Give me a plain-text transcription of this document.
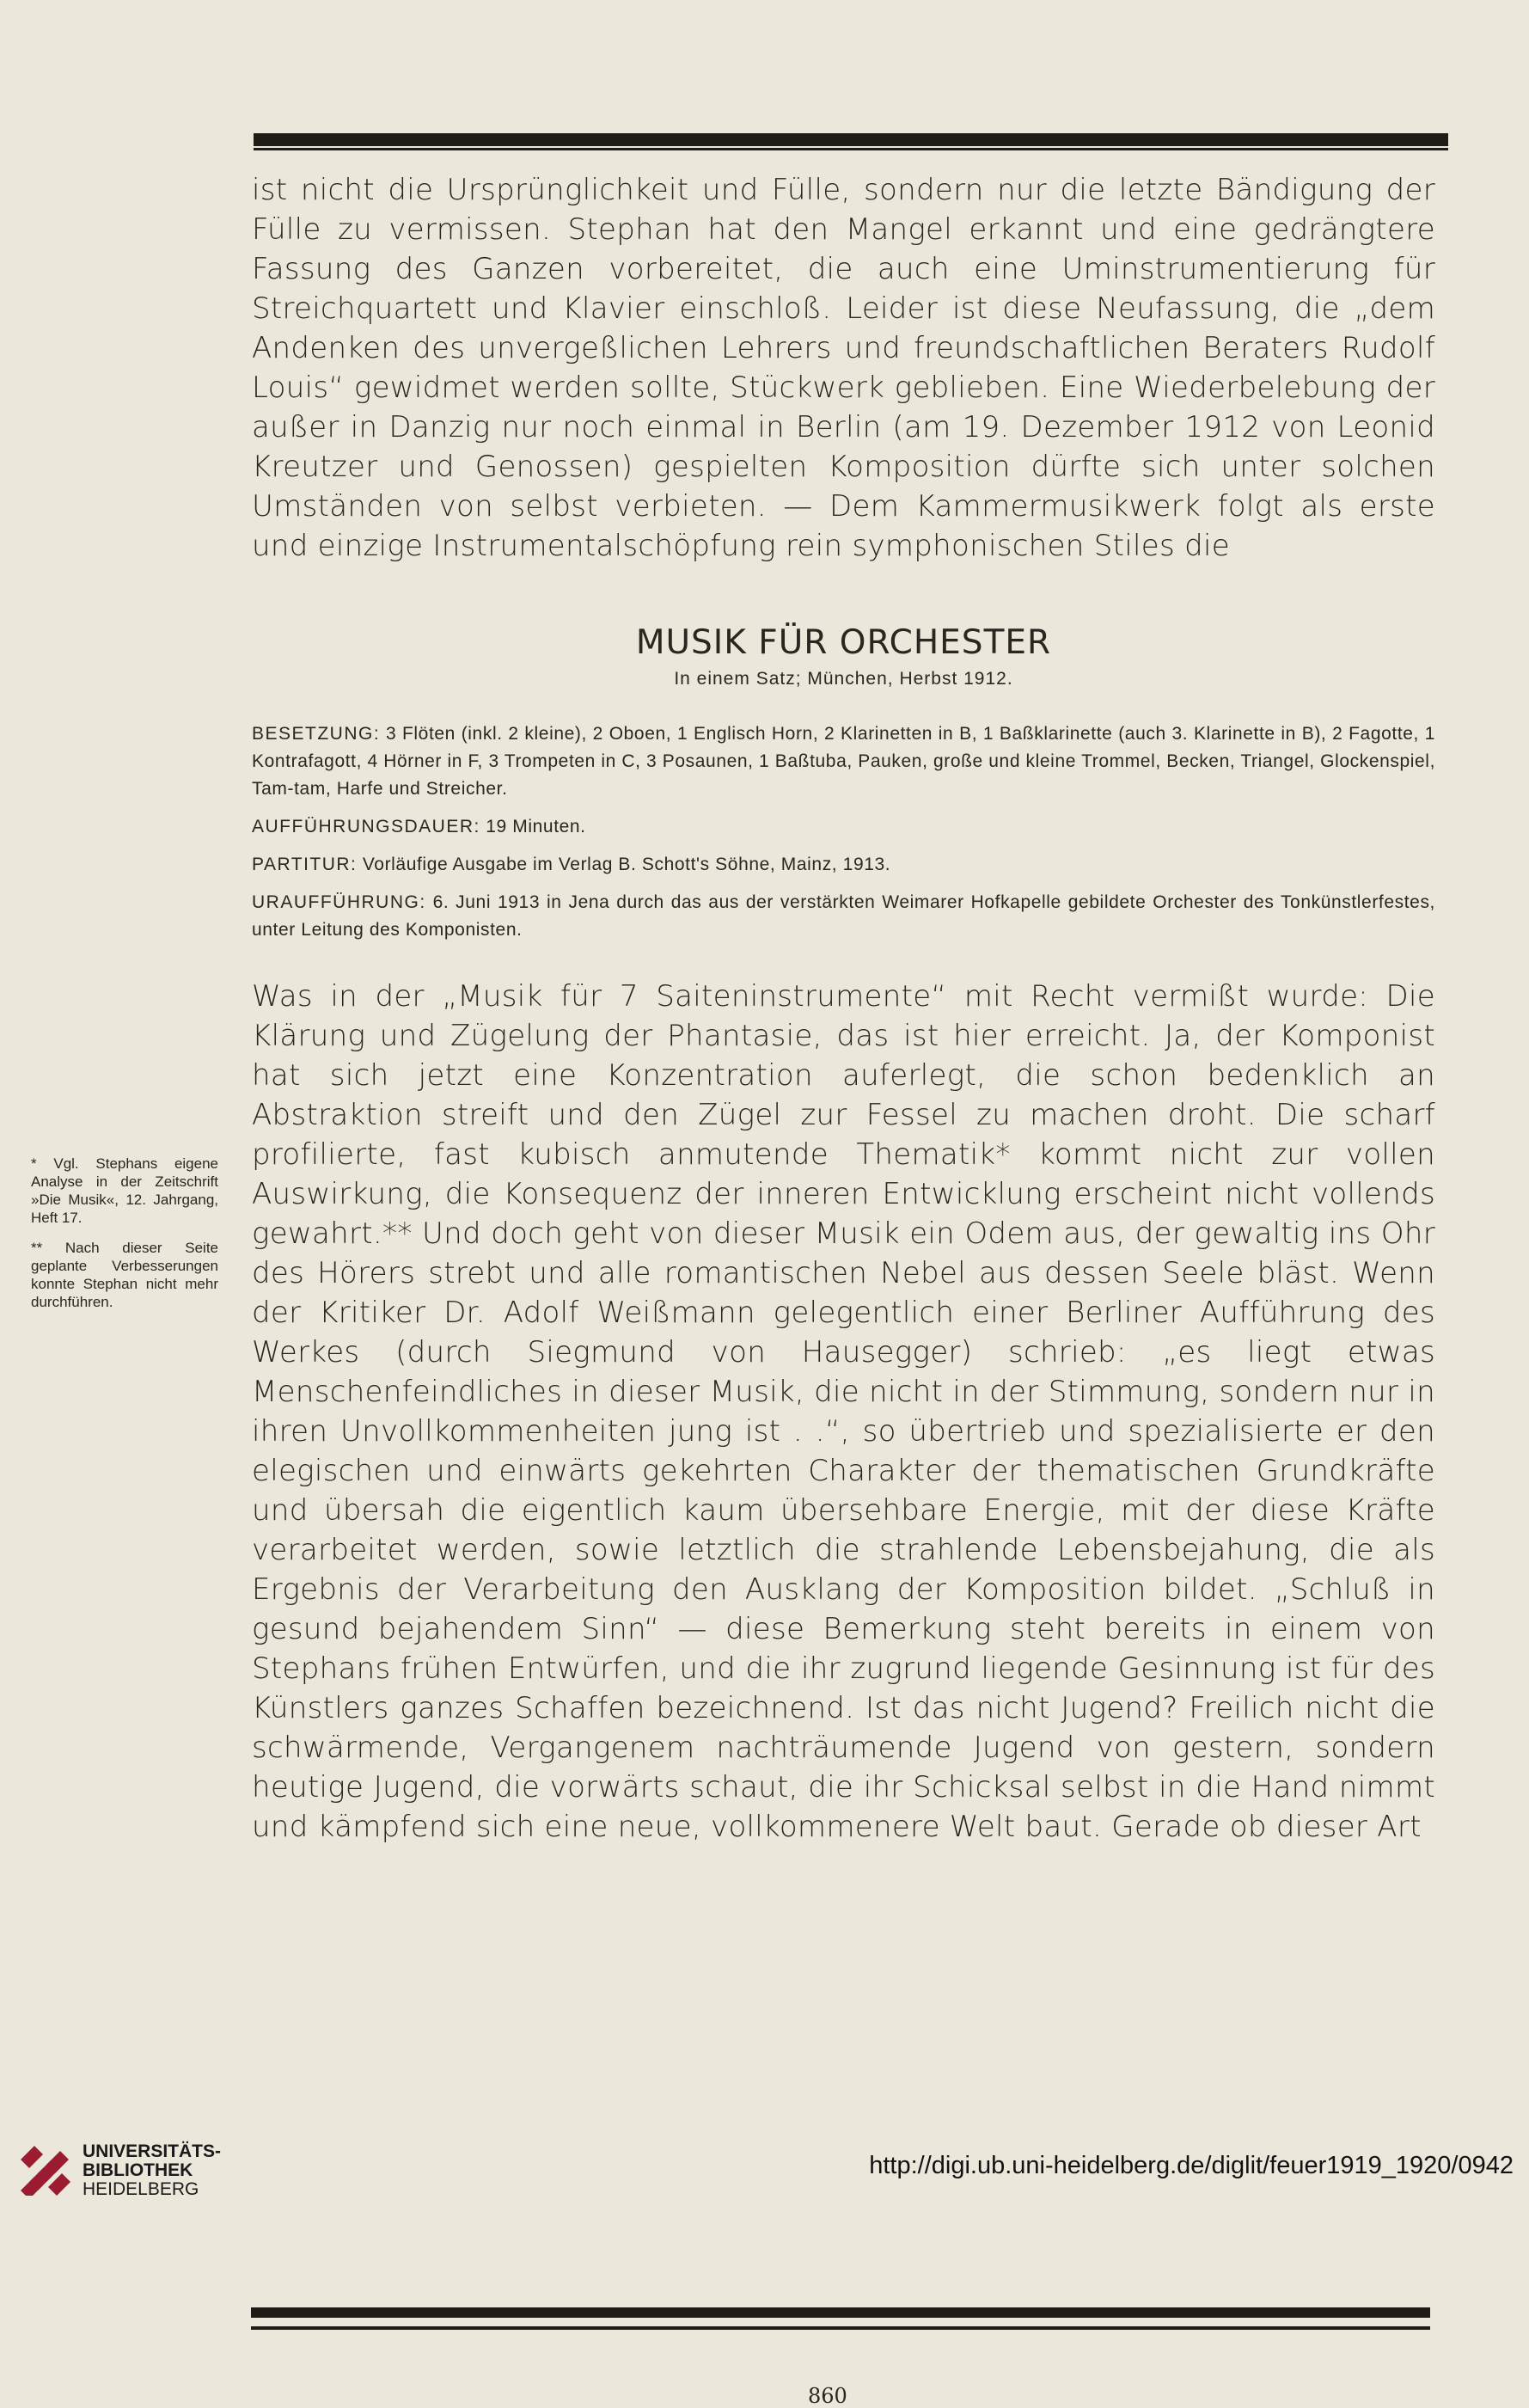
ist nicht die Ursprünglichkeit und Fülle, sondern nur die letzte Bändigung der Fülle zu vermissen. Stephan hat den Mangel erkannt und eine gedrängtere Fassung des Ganzen vorbereitet, die auch eine Uminstrumentierung für Streichquartett und Klavier einschloß. Leider ist diese Neufassung, die „dem Andenken des unvergeßlichen Lehrers und freundschaftlichen Beraters Rudolf Louis“ gewidmet werden sollte, Stückwerk geblieben. Eine Wiederbelebung der außer in Danzig nur noch einmal in Berlin (am 19. Dezember 1912 von Leonid Kreutzer und Genossen) gespielten Komposition dürfte sich unter solchen Umständen von selbst verbieten. — Dem Kammermusikwerk folgt als erste und einzige Instrumentalschöpfung rein symphonischen Stiles die

MUSIK FÜR ORCHESTER
In einem Satz; München, Herbst 1912.

BESETZUNG: 3 Flöten (inkl. 2 kleine), 2 Oboen, 1 Englisch Horn, 2 Klarinetten in B, 1 Baßklarinette (auch 3. Klarinette in B), 2 Fagotte, 1 Kontrafagott, 4 Hörner in F, 3 Trompeten in C, 3 Posaunen, 1 Baßtuba, Pauken, große und kleine Trommel, Becken, Triangel, Glockenspiel, Tam-tam, Harfe und Streicher.

AUFFÜHRUNGSDAUER: 19 Minuten.

PARTITUR: Vorläufige Ausgabe im Verlag B. Schott's Söhne, Mainz, 1913.

URAUFFÜHRUNG: 6. Juni 1913 in Jena durch das aus der verstärkten Weimarer Hofkapelle gebildete Orchester des Tonkünstlerfestes, unter Leitung des Komponisten.

Was in der „Musik für 7 Saiteninstrumente“ mit Recht vermißt wurde: Die Klärung und Zügelung der Phantasie, das ist hier erreicht. Ja, der Komponist hat sich jetzt eine Konzentration auferlegt, die schon bedenklich an Abstraktion streift und den Zügel zur Fessel zu machen droht. Die scharf profilierte, fast kubisch anmutende Thematik* kommt nicht zur vollen Auswirkung, die Konsequenz der inneren Entwicklung erscheint nicht vollends gewahrt.** Und doch geht von dieser Musik ein Odem aus, der gewaltig ins Ohr des Hörers strebt und alle romantischen Nebel aus dessen Seele bläst. Wenn der Kritiker Dr. Adolf Weißmann gelegentlich einer Berliner Aufführung des Werkes (durch Siegmund von Hausegger) schrieb: „es liegt etwas Menschenfeindliches in dieser Musik, die nicht in der Stimmung, sondern nur in ihren Unvollkommenheiten jung ist . .“, so übertrieb und spezialisierte er den elegischen und einwärts gekehrten Charakter der thematischen Grundkräfte und übersah die eigentlich kaum übersehbare Energie, mit der diese Kräfte verarbeitet werden, sowie letztlich die strahlende Lebensbejahung, die als Ergebnis der Verarbeitung den Ausklang der Komposition bildet. „Schluß in gesund bejahendem Sinn“ — diese Bemerkung steht bereits in einem von Stephans frühen Entwürfen, und die ihr zugrund liegende Gesinnung ist für des Künstlers ganzes Schaffen bezeichnend. Ist das nicht Jugend? Freilich nicht die schwärmende, Vergangenem nachträumende Jugend von gestern, sondern heutige Jugend, die vorwärts schaut, die ihr Schicksal selbst in die Hand nimmt und kämpfend sich eine neue, vollkommenere Welt baut. Gerade ob dieser Art

* Vgl. Stephans eigene Analyse in der Zeitschrift »Die Musik«, 12. Jahrgang, Heft 17.

** Nach dieser Seite geplante Verbesserungen konnte Stephan nicht mehr durchführen.

860
UNIVERSITÄTS-
BIBLIOTHEK
HEIDELBERG
http://digi.ub.uni-heidelberg.de/diglit/feuer1919_1920/0942
